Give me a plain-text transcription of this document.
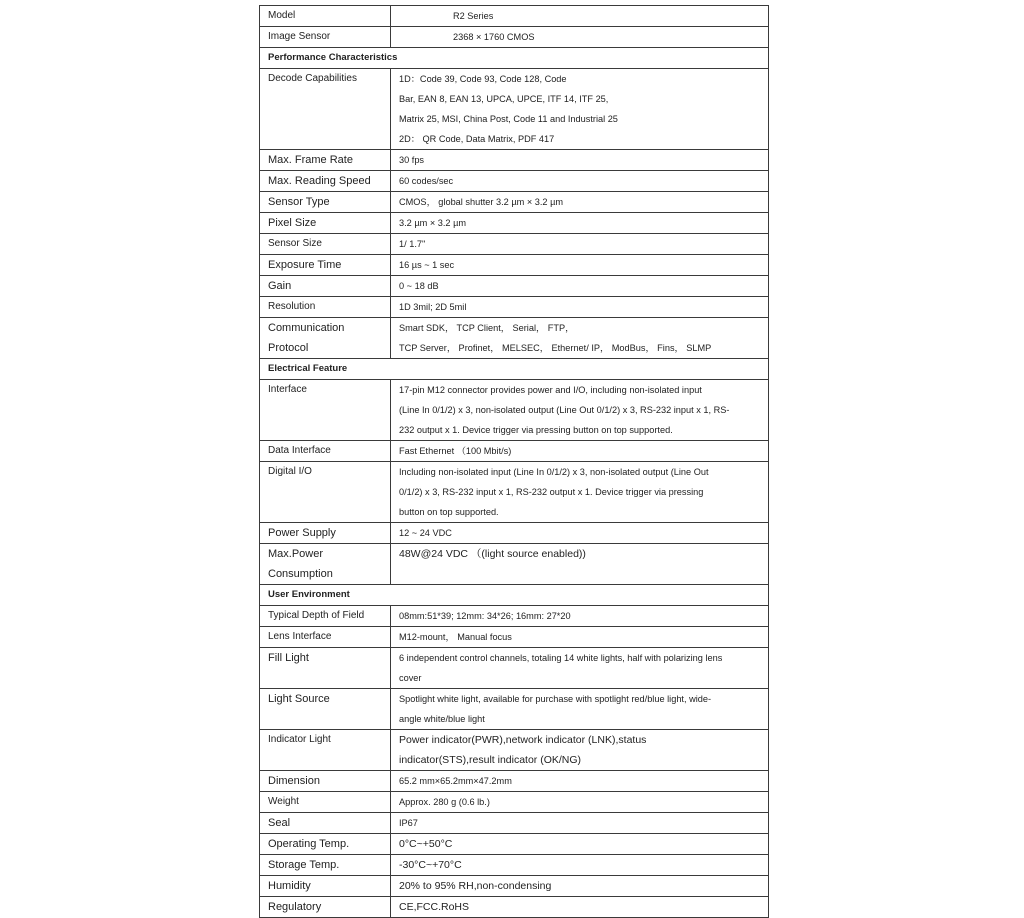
Model	R2 Series
Image Sensor	2368 × 1760 CMOS
Performance Characteristics	
Decode Capabilities	1D：Code 39, Code 93, Code 128, Code
Bar, EAN 8, EAN 13, UPCA, UPCE, ITF 14, ITF 25,
Matrix 25, MSI, China Post, Code 11 and Industrial 25
2D： QR Code, Data Matrix, PDF 417

Max. Frame Rate	30 fps
Max. Reading Speed	60 codes/sec
Sensor Type	CMOS， global shutter 3.2 µm × 3.2 µm
Pixel Size	3.2 µm × 3.2 µm
Sensor Size	1/ 1.7"
Exposure Time	16 µs ~ 1 sec
Gain	0 ~ 18 dB
Resolution	1D 3mil; 2D 5mil

Communication
Protocol	Smart SDK， TCP Client， Serial， FTP，
TCP Server， Profinet， MELSEC， Ethernet/ IP， ModBus， Fins， SLMP

Electrical Feature	
Interface	17-pin M12 connector provides power and I/O, including non-isolated input
(Line In 0/1/2) x 3, non-isolated output (Line Out 0/1/2) x 3, RS-232 input x 1, RS-
232 output x 1. Device trigger via pressing button on top supported.

Data Interface	Fast Ethernet （100 Mbit/s)
Digital I/O	Including non-isolated input (Line In 0/1/2) x 3, non-isolated output (Line Out
0/1/2) x 3, RS-232 input x 1, RS-232 output x 1. Device trigger via pressing
button on top supported.

Power Supply	12 ~ 24 VDC

Max.Power
Consumption	48W@24 VDC （(light source enabled))
User Environment	
Typical Depth of Field	08mm:51*39; 12mm: 34*26; 16mm: 27*20
Lens Interface	M12-mount， Manual focus
Fill Light	6 independent control channels, totaling 14 white lights, half with polarizing lens
cover

Light Source	Spotlight white light, available for purchase with spotlight red/blue light, wide-
angle white/blue light

Indicator Light	Power indicator(PWR),network indicator (LNK),status
indicator(STS),result indicator (OK/NG)

Dimension	65.2 mm×65.2mm×47.2mm
Weight	Approx. 280 g (0.6 lb.)
Seal	IP67
Operating Temp.	0°C~+50°C
Storage Temp.	-30°C~+70°C
Humidity	20% to 95% RH,non-condensing
Regulatory	CE,FCC.RoHS
